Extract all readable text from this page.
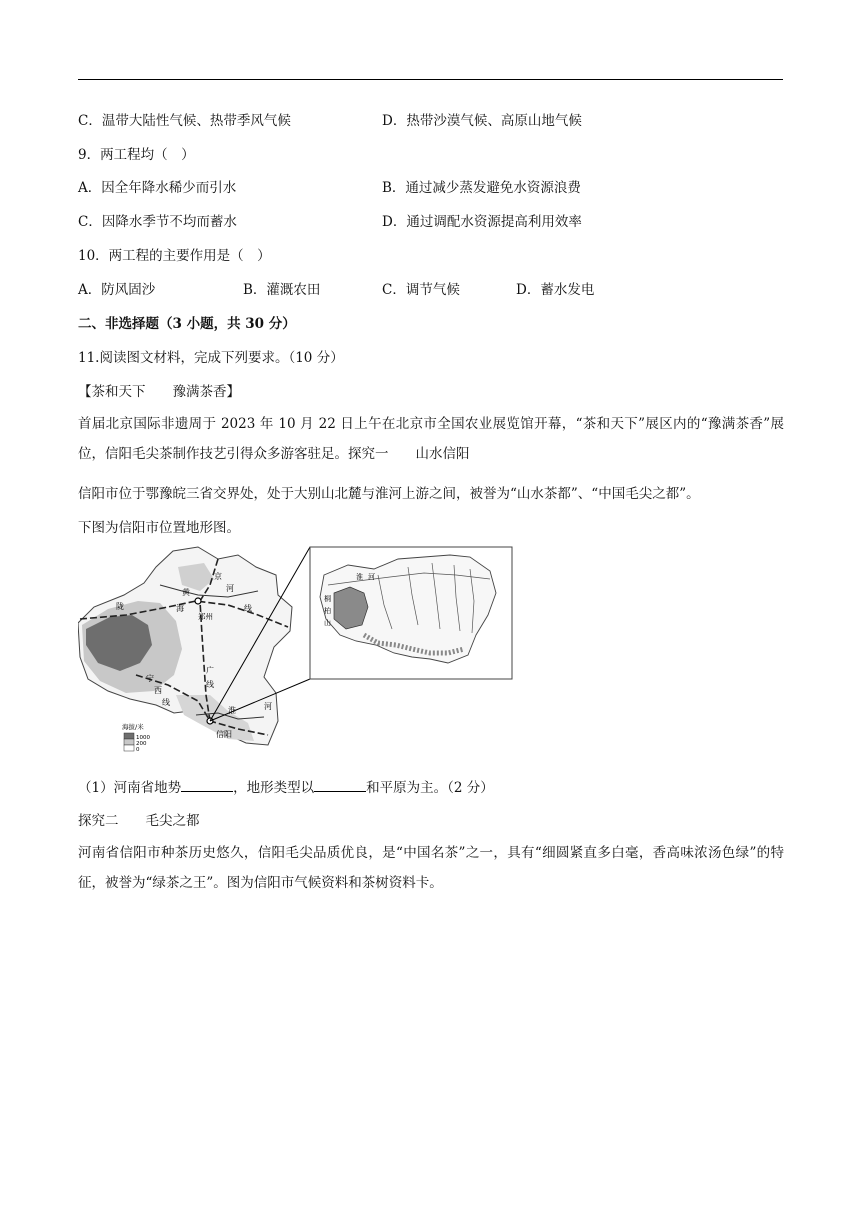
C．温带大陆性气候、热带季风气候	D．热带沙漠气候、高原山地气候
9．两工程均（　）
A．因全年降水稀少而引水	B．通过减少蒸发避免水资源浪费
C．因降水季节不均而蓄水	D．通过调配水资源提高利用效率
10．两工程的主要作用是（　）
A．防风固沙	B．灌溉农田	C．调节气候	D．蓄水发电
二、非选择题（3 小题，共 30 分）
11.阅读图文材料，完成下列要求。（10 分）
【茶和天下　　豫满茶香】
首届北京国际非遗周于 2023 年 10 月 22 日上午在北京市全国农业展览馆开幕，“茶和天下”展区内的“豫满茶香”展位，信阳毛尖茶制作技艺引得众多游客驻足。探究一　　山水信阳
信阳市位于鄂豫皖三省交界处，处于大别山北麓与淮河上游之间，被誉为“山水茶都”、“中国毛尖之都”。
下图为信阳市位置地形图。
黄	河
京
线
陇	海
郑州
宁
西
线
广
线
淮	河
信阳
海拔/米
1000
200
0
桐
柏
山
淮 河
（1）河南省地势	，地形类型以	和平原为主。（2 分）
探究二　　毛尖之都
河南省信阳市种茶历史悠久，信阳毛尖品质优良，是“中国名茶”之一，具有“细圆紧直多白毫，香高味浓汤色绿”的特征，被誉为“绿茶之王”。图为信阳市气候资料和茶树资料卡。
